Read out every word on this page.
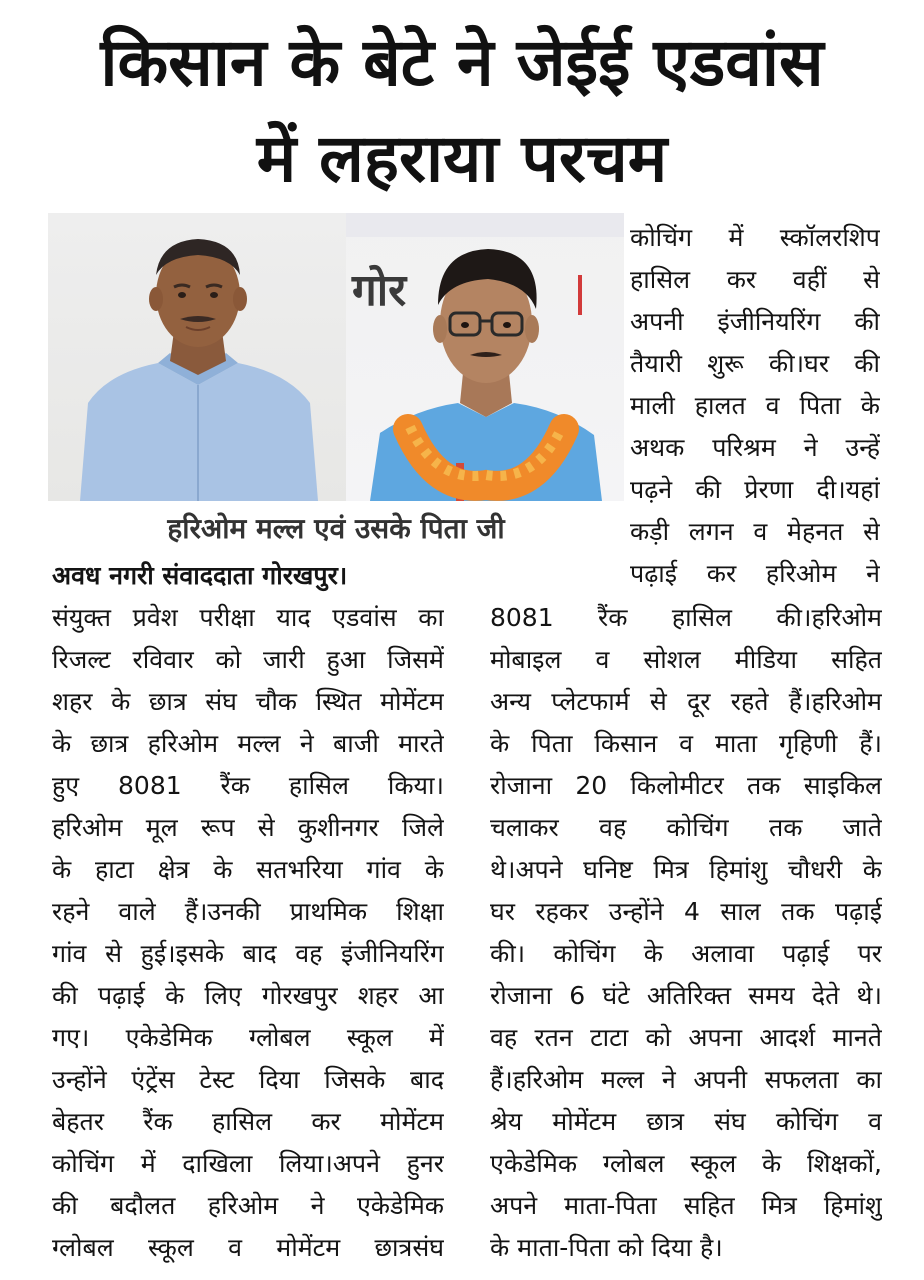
किसान के बेटे ने जेईई एडवांस
में लहराया परचम
गोर
हरिओम मल्ल एवं उसके पिता जी
अवध नगरी संवाददाता गोरखपुर।
संयुक्त प्रवेश परीक्षा याद एडवांस का
रिजल्ट रविवार को जारी हुआ जिसमें
शहर के छात्र संघ चौक स्थित मोमेंटम
के छात्र हरिओम मल्ल ने बाजी मारते
हुए 8081 रैंक हासिल किया।
हरिओम मूल रूप से कुशीनगर जिले
के हाटा क्षेत्र के सतभरिया गांव के
रहने वाले हैं।उनकी प्राथमिक शिक्षा
गांव से हुई।इसके बाद वह इंजीनियरिंग
की पढ़ाई के लिए गोरखपुर शहर आ
गए। एकेडेमिक ग्लोबल स्कूल में
उन्होंने एंट्रेंस टेस्ट दिया जिसके बाद
बेहतर रैंक हासिल कर मोमेंटम
कोचिंग में दाखिला लिया।अपने हुनर
की बदौलत हरिओम ने एकेडेमिक
ग्लोबल स्कूल व मोमेंटम छात्रसंघ
कोचिंग में स्कॉलरशिप
हासिल कर वहीं से
अपनी इंजीनियरिंग की
तैयारी शुरू की।घर की
माली हालत व पिता के
अथक परिश्रम ने उन्हें
पढ़ने की प्रेरणा दी।यहां
कड़ी लगन व मेहनत से
पढ़ाई कर हरिओम ने
8081 रैंक हासिल की।हरिओम
मोबाइल व सोशल मीडिया सहित
अन्य प्लेटफार्म से दूर रहते हैं।हरिओम
के पिता किसान व माता गृहिणी हैं।
रोजाना 20 किलोमीटर तक साइकिल
चलाकर वह कोचिंग तक जाते
थे।अपने घनिष्ट मित्र हिमांशु चौधरी के
घर रहकर उन्होंने 4 साल तक पढ़ाई
की। कोचिंग के अलावा पढ़ाई पर
रोजाना 6 घंटे अतिरिक्त समय देते थे।
वह रतन टाटा को अपना आदर्श मानते
हैं।हरिओम मल्ल ने अपनी सफलता का
श्रेय मोमेंटम छात्र संघ कोचिंग व
एकेडेमिक ग्लोबल स्कूल के शिक्षकों,
अपने माता-पिता सहित मित्र हिमांशु
के माता-पिता को दिया है।
